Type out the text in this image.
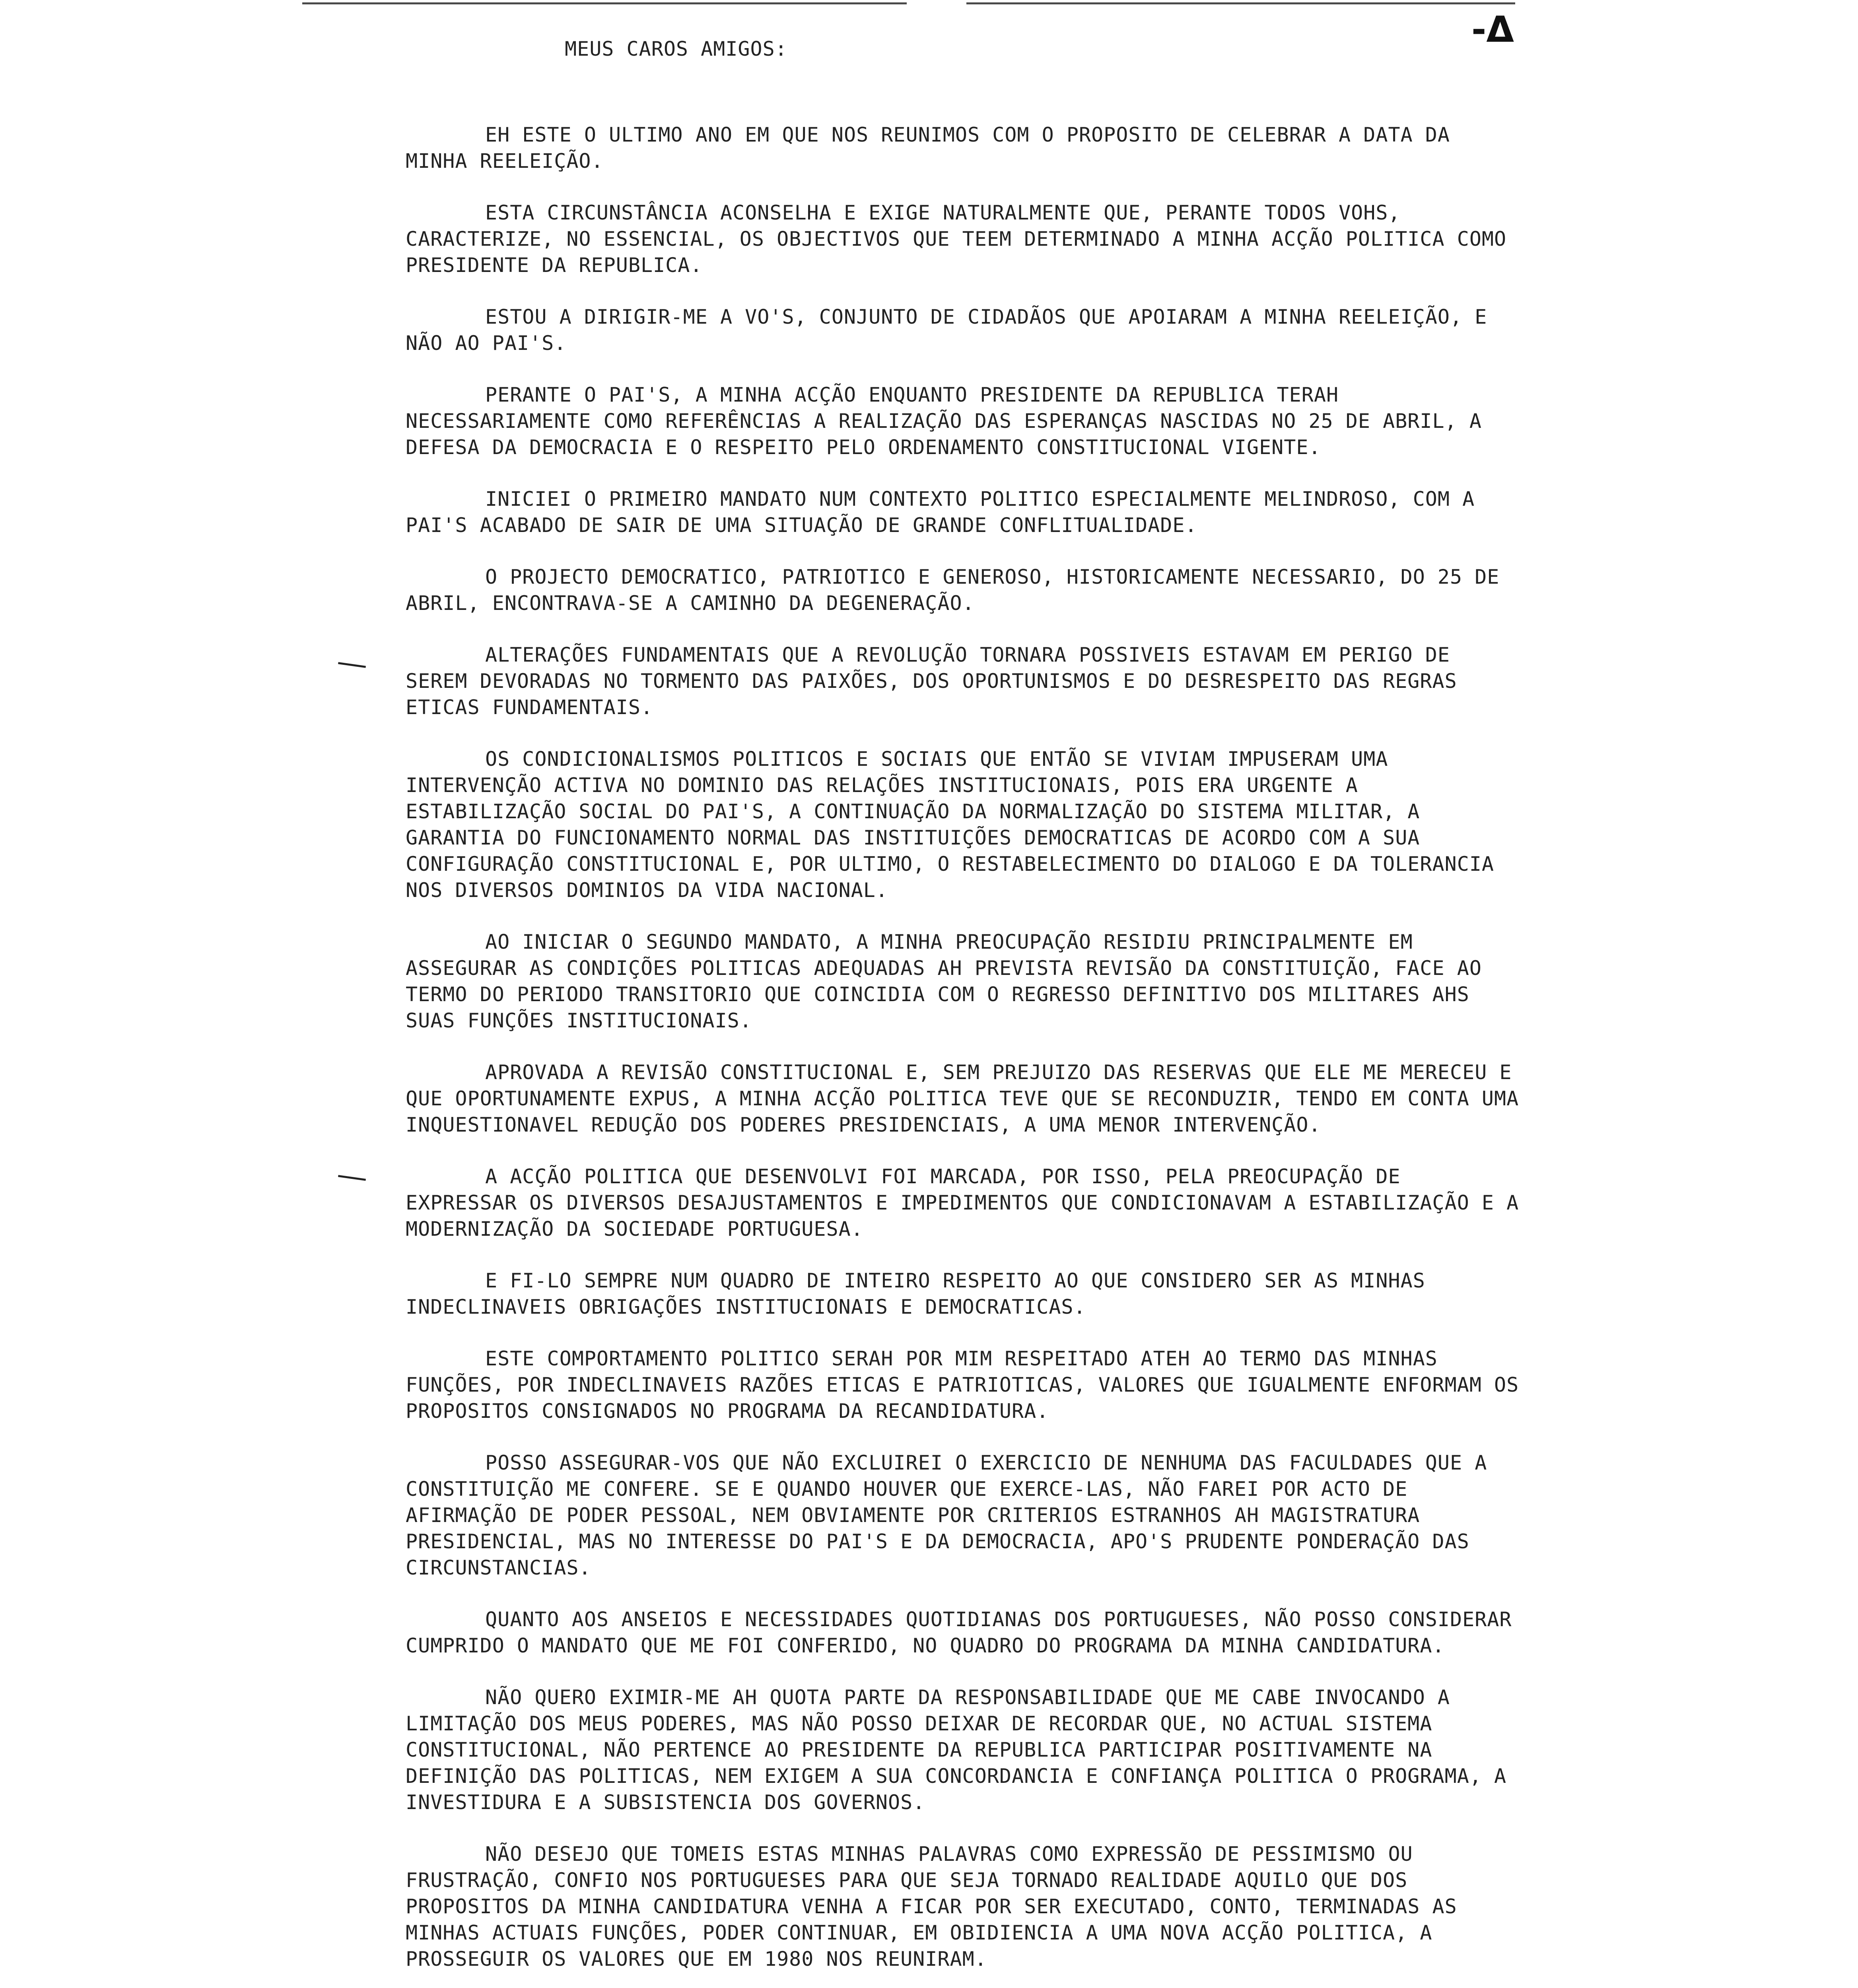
-Δ

MEUS CAROS AMIGOS:

EH ESTE O ULTIMO ANO EM QUE NOS REUNIMOS COM O PROPOSITO DE CELEBRAR A DATA DA MINHA REELEIÇÃO.

ESTA CIRCUNSTÂNCIA ACONSELHA E EXIGE NATURALMENTE QUE, PERANTE TODOS VOHS, CARACTERIZE, NO ESSENCIAL, OS OBJECTIVOS QUE TEEM DETERMINADO A MINHA ACÇÃO POLITICA COMO PRESIDENTE DA REPUBLICA.

ESTOU A DIRIGIR-ME A VO'S, CONJUNTO DE CIDADÃOS QUE APOIARAM A MINHA REELEIÇÃO, E NÃO AO PAI'S.

PERANTE O PAI'S, A MINHA ACÇÃO ENQUANTO PRESIDENTE DA REPUBLICA TERAH NECESSARIAMENTE COMO REFERÊNCIAS A REALIZAÇÃO DAS ESPERANÇAS NASCIDAS NO 25 DE ABRIL, A DEFESA DA DEMOCRACIA E O RESPEITO PELO ORDENAMENTO CONSTITUCIONAL VIGENTE.

INICIEI O PRIMEIRO MANDATO NUM CONTEXTO POLITICO ESPECIALMENTE MELINDROSO, COM A PAI'S ACABADO DE SAIR DE UMA SITUAÇÃO DE GRANDE CONFLITUALIDADE.

O PROJECTO DEMOCRATICO, PATRIOTICO E GENEROSO, HISTORICAMENTE NECESSARIO, DO 25 DE ABRIL, ENCONTRAVA-SE A CAMINHO DA DEGENERAÇÃO.

ALTERAÇÕES FUNDAMENTAIS QUE A REVOLUÇÃO TORNARA POSSIVEIS ESTAVAM EM PERIGO DE SEREM DEVORADAS NO TORMENTO DAS PAIXÕES, DOS OPORTUNISMOS E DO DESRESPEITO DAS REGRAS ETICAS FUNDAMENTAIS.

OS CONDICIONALISMOS POLITICOS E SOCIAIS QUE ENTÃO SE VIVIAM IMPUSERAM UMA INTERVENÇÃO ACTIVA NO DOMINIO DAS RELAÇÕES INSTITUCIONAIS, POIS ERA URGENTE A ESTABILIZAÇÃO SOCIAL DO PAI'S, A CONTINUAÇÃO DA NORMALIZAÇÃO DO SISTEMA MILITAR, A GARANTIA DO FUNCIONAMENTO NORMAL DAS INSTITUIÇÕES DEMOCRATICAS DE ACORDO COM A SUA CONFIGURAÇÃO CONSTITUCIONAL E, POR ULTIMO, O RESTABELECIMENTO DO DIALOGO E DA TOLERANCIA NOS DIVERSOS DOMINIOS DA VIDA NACIONAL.

AO INICIAR O SEGUNDO MANDATO, A MINHA PREOCUPAÇÃO RESIDIU PRINCIPALMENTE EM ASSEGURAR AS CONDIÇÕES POLITICAS ADEQUADAS AH PREVISTA REVISÃO DA CONSTITUIÇÃO, FACE AO TERMO DO PERIODO TRANSITORIO QUE COINCIDIA COM O REGRESSO DEFINITIVO DOS MILITARES AHS SUAS FUNÇÕES INSTITUCIONAIS.

APROVADA A REVISÃO CONSTITUCIONAL E, SEM PREJUIZO DAS RESERVAS QUE ELE ME MERECEU E QUE OPORTUNAMENTE EXPUS, A MINHA ACÇÃO POLITICA TEVE QUE SE RECONDUZIR, TENDO EM CONTA UMA INQUESTIONAVEL REDUÇÃO DOS PODERES PRESIDENCIAIS, A UMA MENOR INTERVENÇÃO.

A ACÇÃO POLITICA QUE DESENVOLVI FOI MARCADA, POR ISSO, PELA PREOCUPAÇÃO DE EXPRESSAR OS DIVERSOS DESAJUSTAMENTOS E IMPEDIMENTOS QUE CONDICIONAVAM A ESTABILIZAÇÃO E A MODERNIZAÇÃO DA SOCIEDADE PORTUGUESA.

E FI-LO SEMPRE NUM QUADRO DE INTEIRO RESPEITO AO QUE CONSIDERO SER AS MINHAS INDECLINAVEIS OBRIGAÇÕES INSTITUCIONAIS E DEMOCRATICAS.

ESTE COMPORTAMENTO POLITICO SERAH POR MIM RESPEITADO ATEH AO TERMO DAS MINHAS FUNÇÕES, POR INDECLINAVEIS RAZÕES ETICAS E PATRIOTICAS, VALORES QUE IGUALMENTE ENFORMAM OS PROPOSITOS CONSIGNADOS NO PROGRAMA DA RECANDIDATURA.

POSSO ASSEGURAR-VOS QUE NÃO EXCLUIREI O EXERCICIO DE NENHUMA DAS FACULDADES QUE A CONSTITUIÇÃO ME CONFERE. SE E QUANDO HOUVER QUE EXERCE-LAS, NÃO FAREI POR ACTO DE AFIRMAÇÃO DE PODER PESSOAL, NEM OBVIAMENTE POR CRITERIOS ESTRANHOS AH MAGISTRATURA PRESIDENCIAL, MAS NO INTERESSE DO PAI'S E DA DEMOCRACIA, APO'S PRUDENTE PONDERAÇÃO DAS CIRCUNSTANCIAS.

QUANTO AOS ANSEIOS E NECESSIDADES QUOTIDIANAS DOS PORTUGUESES, NÃO POSSO CONSIDERAR CUMPRIDO O MANDATO QUE ME FOI CONFERIDO, NO QUADRO DO PROGRAMA DA MINHA CANDIDATURA.

NÃO QUERO EXIMIR-ME AH QUOTA PARTE DA RESPONSABILIDADE QUE ME CABE INVOCANDO A LIMITAÇÃO DOS MEUS PODERES, MAS NÃO POSSO DEIXAR DE RECORDAR QUE, NO ACTUAL SISTEMA CONSTITUCIONAL, NÃO PERTENCE AO PRESIDENTE DA REPUBLICA PARTICIPAR POSITIVAMENTE NA DEFINIÇÃO DAS POLITICAS, NEM EXIGEM A SUA CONCORDANCIA E CONFIANÇA POLITICA O PROGRAMA, A INVESTIDURA E A SUBSISTENCIA DOS GOVERNOS.

NÃO DESEJO QUE TOMEIS ESTAS MINHAS PALAVRAS COMO EXPRESSÃO DE PESSIMISMO OU FRUSTRAÇÃO, CONFIO NOS PORTUGUESES PARA QUE SEJA TORNADO REALIDADE AQUILO QUE DOS PROPOSITOS DA MINHA CANDIDATURA VENHA A FICAR POR SER EXECUTADO, CONTO, TERMINADAS AS MINHAS ACTUAIS FUNÇÕES, PODER CONTINUAR, EM OBIDIENCIA A UMA NOVA ACÇÃO POLITICA, A PROSSEGUIR OS VALORES QUE EM 1980 NOS REUNIRAM.
